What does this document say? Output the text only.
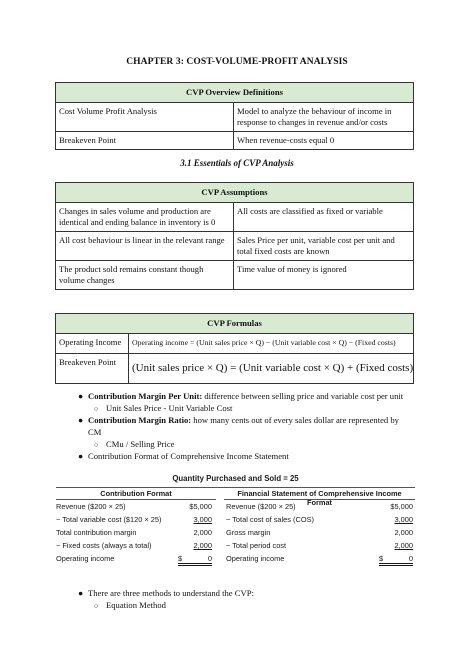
CHAPTER 3: COST-VOLUME-PROFIT ANALYSIS
CVP Overview Definitions	
Cost Volume Profit Analysis	Model to analyze the behaviour of income in response to changes in revenue and/or costs
Breakeven Point	When revenue-costs equal 0
3.1 Essentials of CVP Analysis
CVP Assumptions	
Changes in sales volume and production are identical and ending balance in inventory is 0	All costs are classified as fixed or variable
All cost behaviour is linear in the relevant range	Sales Price per unit, variable cost per unit and total fixed costs are known
The product sold remains constant though volume changes	Time value of money is ignored
CVP Formulas	
Operating Income	Operating income = (Unit sales price × Q) − (Unit variable cost × Q) − (Fixed costs)
Breakeven Point	(Unit sales price × Q) = (Unit variable cost × Q) + (Fixed costs)
● Contribution Margin Per Unit: difference between selling price and variable cost per unit
○ Unit Sales Price - Unit Variable Cost
● Contribution Margin Ratio: how many cents out of every sales dollar are represented by
CM
○ CMu / Selling Price
● Contribution Format of Comprehensive Income Statement
Quantity Purchased and Sold = 25
Contribution Format	Financial Statement of Comprehensive Income Format
Revenue ($200 × 25)	$5,000
− Total variable cost ($120 × 25)	3,000
Total contribution margin	2,000
− Fixed costs (always a total)	2,000
Operating income	$	0
Revenue ($200 × 25)	$5,000
− Total cost of sales (COS)	3,000
Gross margin	2,000
− Total period cost	2,000
Operating income	$	0
● There are three methods to understand the CVP:
○ Equation Method
